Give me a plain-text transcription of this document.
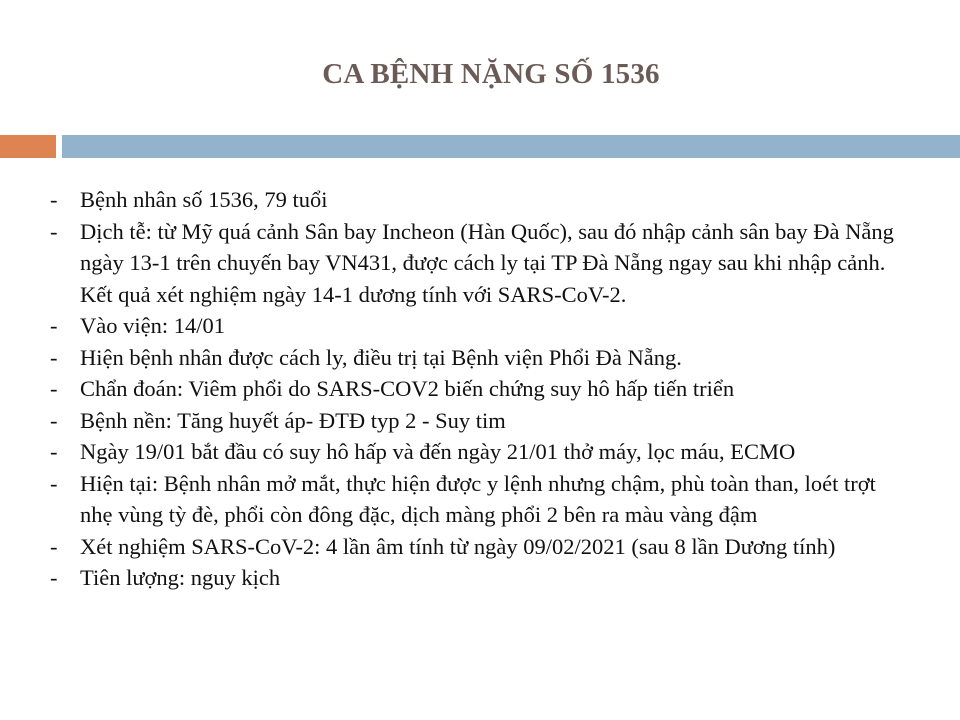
CA BỆNH NẶNG SỐ 1536
- Bệnh nhân số 1536, 79 tuổi
- Dịch tễ: từ Mỹ quá cảnh Sân bay Incheon (Hàn Quốc), sau đó nhập cảnh sân bay Đà Nẵng ngày 13-1 trên chuyến bay VN431, được cách ly tại TP Đà Nẵng ngay sau khi nhập cảnh. Kết quả xét nghiệm ngày 14-1 dương tính với SARS-CoV-2.
- Vào viện: 14/01
- Hiện bệnh nhân được cách ly, điều trị tại Bệnh viện Phổi Đà Nẵng.
- Chẩn đoán: Viêm phổi do SARS-COV2 biến chứng suy hô hấp tiến triển
- Bệnh nền: Tăng huyết áp- ĐTĐ typ 2 - Suy tim
- Ngày 19/01 bắt đầu có suy hô hấp và đến ngày 21/01 thở máy, lọc máu, ECMO
- Hiện tại: Bệnh nhân mở mắt, thực hiện được y lệnh nhưng chậm, phù toàn than, loét trợt nhẹ vùng tỳ đè, phổi còn đông đặc, dịch màng phổi 2 bên ra màu vàng đậm
- Xét nghiệm SARS-CoV-2: 4 lần âm tính từ ngày 09/02/2021 (sau 8 lần Dương tính)
- Tiên lượng: nguy kịch
